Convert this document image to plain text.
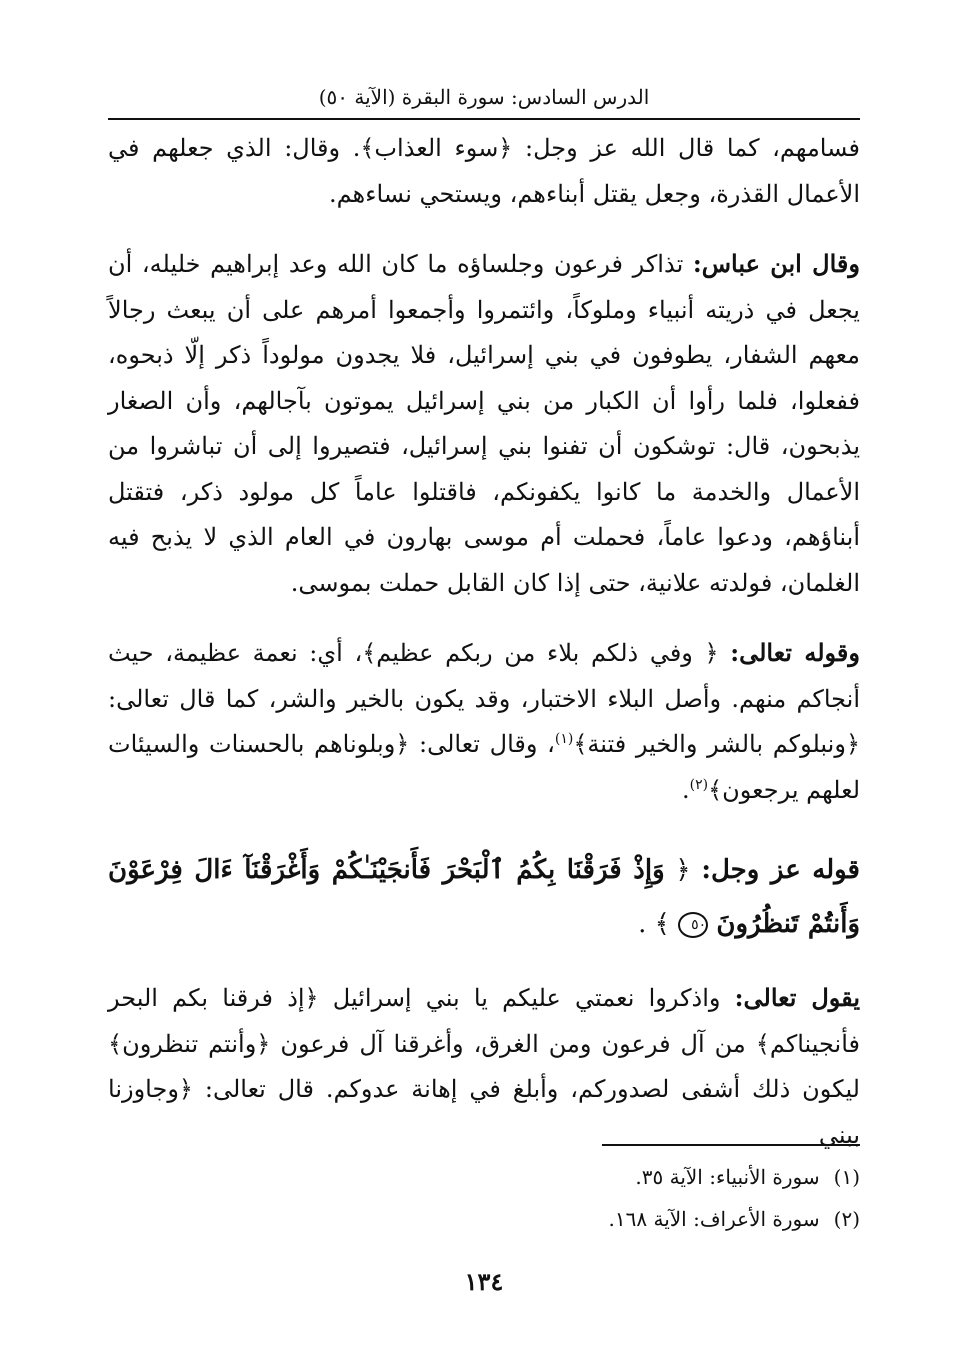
الدرس السادس: سورة البقرة (الآية ٥٠)

فسامهم، كما قال الله عز وجل: ﴿سوء العذاب﴾. وقال: الذي جعلهم في الأعمال القذرة، وجعل يقتل أبناءهم، ويستحي نساءهم.

وقال ابن عباس: تذاكر فرعون وجلساؤه ما كان الله وعد إبراهيم خليله، أن يجعل في ذريته أنبياء وملوكاً، وائتمروا وأجمعوا أمرهم على أن يبعث رجالاً معهم الشفار، يطوفون في بني إسرائيل، فلا يجدون مولوداً ذكر إلّا ذبحوه، ففعلوا، فلما رأوا أن الكبار من بني إسرائيل يموتون بآجالهم، وأن الصغار يذبحون، قال: توشكون أن تفنوا بني إسرائيل، فتصيروا إلى أن تباشروا من الأعمال والخدمة ما كانوا يكفونكم، فاقتلوا عاماً كل مولود ذكر، فتقتل أبناؤهم، ودعوا عاماً، فحملت أم موسى بهارون في العام الذي لا يذبح فيه الغلمان، فولدته علانية، حتى إذا كان القابل حملت بموسى.

وقوله تعالى: ﴿ وفي ذلكم بلاء من ربكم عظيم﴾، أي: نعمة عظيمة، حيث أنجاكم منهم. وأصل البلاء الاختبار، وقد يكون بالخير والشر، كما قال تعالى: ﴿ونبلوكم بالشر والخير فتنة﴾$^{(١)}$، وقال تعالى: ﴿وبلوناهم بالحسنات والسيئات لعلهم يرجعون﴾$^{(٢)}$.

قوله عز وجل: ﴿ وَإِذْ فَرَقْنَا بِكُمُ ٱلْبَحْرَ فَأَنجَيْنَـٰكُمْ وَأَغْرَقْنَآ ءَالَ فِرْعَوْنَ وَأَنتُمْ تَنظُرُونَ ٥٠ ﴾ .

يقول تعالى: واذكروا نعمتي عليكم يا بني إسرائيل ﴿إذ فرقنا بكم البحر فأنجيناكم﴾ من آل فرعون ومن الغرق، وأغرقنا آل فرعون ﴿وأنتم تنظرون﴾ ليكون ذلك أشفى لصدوركم، وأبلغ في إهانة عدوكم. قال تعالى: ﴿وجاوزنا ببني

(١)سورة الأنبياء: الآية ٣٥.

(٢)سورة الأعراف: الآية ١٦٨.

١٣٤
